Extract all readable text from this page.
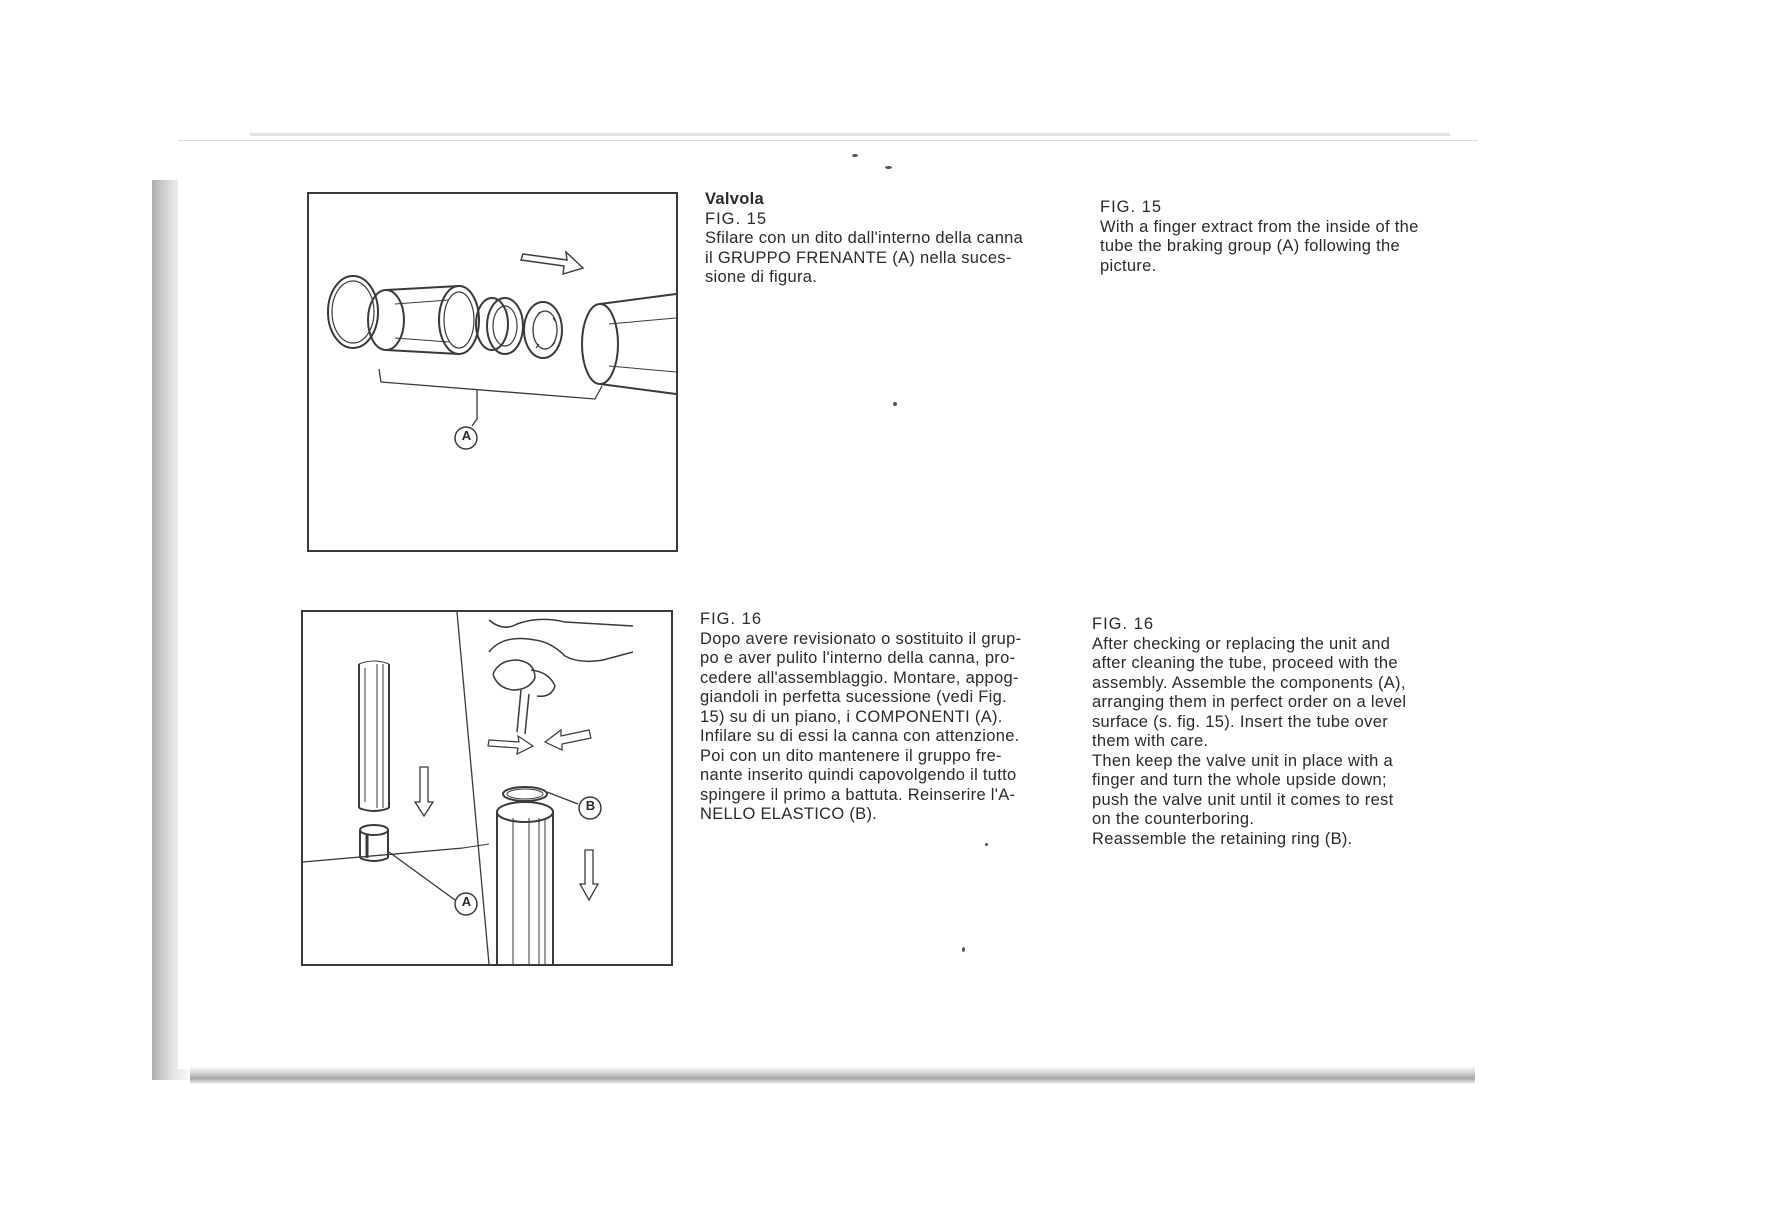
A
Valvola
FIG. 15
Sfilare con un dito dall'interno della canna
il GRUPPO FRENANTE (A) nella suces-
sione di figura.
FIG. 15
With a finger extract from the inside of the
tube the braking group (A) following the
picture.
A
B
FIG. 16
Dopo avere revisionato o sostituito il grup-
po e aver pulito l'interno della canna, pro-
cedere all'assemblaggio. Montare, appog-
giandoli in perfetta sucessione (vedi Fig.
15) su di un piano, i COMPONENTI (A).
Infilare su di essi la canna con attenzione.
Poi con un dito mantenere il gruppo fre-
nante inserito quindi capovolgendo il tutto
spingere il primo a battuta. Reinserire l'A-
NELLO ELASTICO (B).
FIG. 16
After checking or replacing the unit and
after cleaning the tube, proceed with the
assembly. Assemble the components (A),
arranging them in perfect order on a level
surface (s. fig. 15). Insert the tube over
them with care.
Then keep the valve unit in place with a
finger and turn the whole upside down;
push the valve unit until it comes to rest
on the counterboring.
Reassemble the retaining ring (B).
